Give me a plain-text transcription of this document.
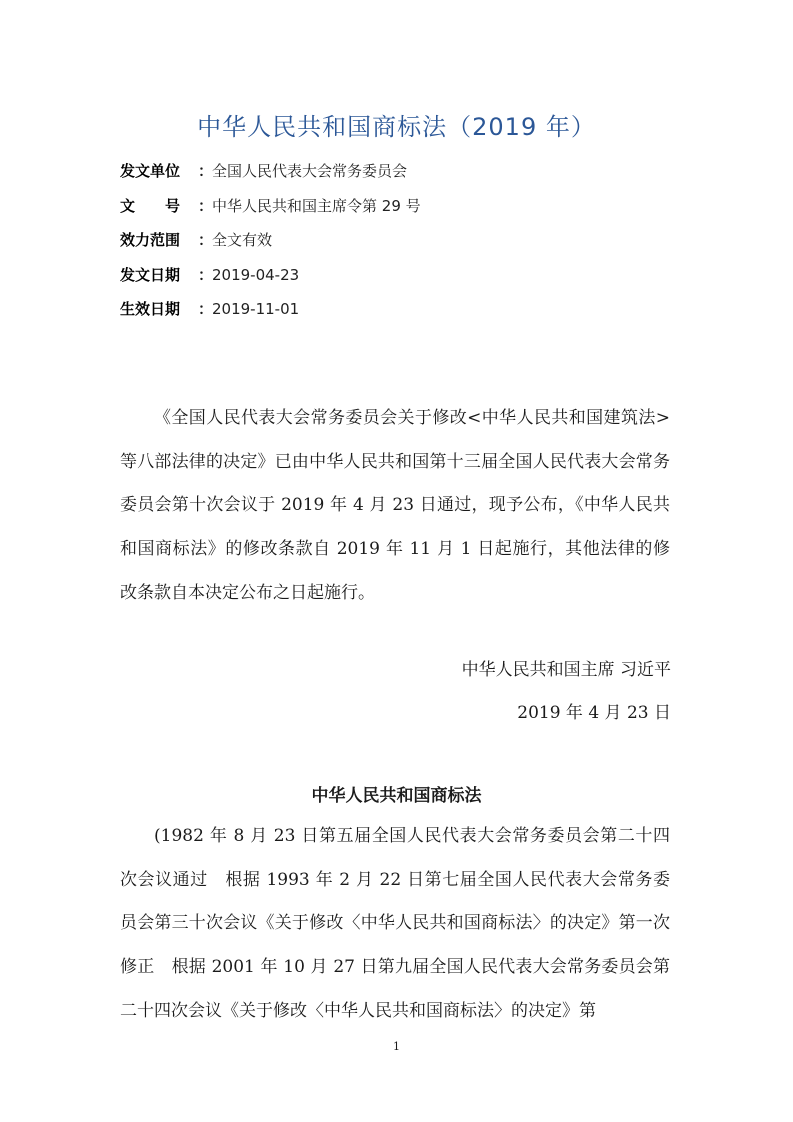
中华人民共和国商标法（2019 年）
发文单位 ：全国人民代表大会常务委员会
文　　号 ：中华人民共和国主席令第 29 号
效力范围 ：全文有效
发文日期 ：2019-04-23
生效日期 ：2019-11-01

《全国人民代表大会常务委员会关于修改<中华人民共和国建筑法>等八部法律的决定》已由中华人民共和国第十三届全国人民代表大会常务委员会第十次会议于 2019 年 4 月 23 日通过，现予公布，《中华人民共和国商标法》的修改条款自 2019 年 11 月 1 日起施行，其他法律的修改条款自本决定公布之日起施行。

中华人民共和国主席 习近平
2019 年 4 月 23 日
中华人民共和国商标法

(1982 年 8 月 23 日第五届全国人民代表大会常务委员会第二十四次会议通过　根据 1993 年 2 月 22 日第七届全国人民代表大会常务委员会第三十次会议《关于修改〈中华人民共和国商标法〉的决定》第一次修正　根据 2001 年 10 月 27 日第九届全国人民代表大会常务委员会第二十四次会议《关于修改〈中华人民共和国商标法〉的决定》第

1
